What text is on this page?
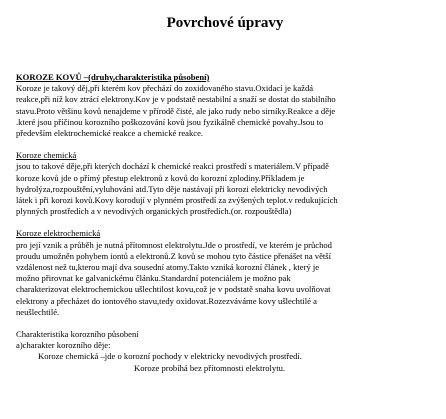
Povrchové úpravy
KOROZE KOVŮ –(druhy,charakteristika působení)
Koroze je takový děj,při kterém kov přechází do zoxidovaného stavu.Oxidací je každá
reakce,při níž kov ztrácí elektrony.Kov je v podstatě nestabilní a snaží se dostat do stabilního
stavu.Proto většinu kovů nenajdeme v přírodě čisté, ale jako rudy nebo sirníky.Reakce a děje
.které jsou příčinou korozního poškozování kovů jsou fyzikálně chemické povahy.Jsou to
především elektrochemické reakce a chemické reakce.
Koroze chemická
jsou to takové děje,při kterých dochází k chemické reakci prostředí s materiálem.V případě
koroze kovů jde o přímý přestup elektronů z kovů do korozní zplodiny.Příkladem je
hydrolýza,rozpouštění,vyluhování atd.Tyto děje nastávají při korozi elektricky nevodivých
látek i při korozi kovů.Kovy korodují v plynném prostředí za zvýšených teplot.v redukujících
plynných prostředích a v nevodivých organických prostředích.(or. rozpouštědla)
Koroze elektrochemická
pro její vznik a průběh je nutná přítomnost elektrolytu.Jde o prostředí, ve kterém je průchod
proudu umožněn pohybem iontů a elektronů.Z kovů se mohou tyto částice přenášet na větší
vzdálenost než tu,kterou mají dva sousední atomy.Takto vzniká korozní článek , který je
možno přirovnat ke galvanickému článku.Standardní potenciálem je možno pak
charakterizovat elektrochemickou ušlechtilost kovu,což je v podstatě snaha kovu uvolňovat
elektrony a přecházet do iontového stavu,tedy oxidovat.Rozezváváme kovy ušlechtilé a
neušlechtilé.
Charakteristika korozního působení
a)charakter korozního děje:
Koroze chemická –jde o korozní pochody v elektricky nevodivých prostředí.
Koroze probíhá bez přítomnosti elektrolytu.
